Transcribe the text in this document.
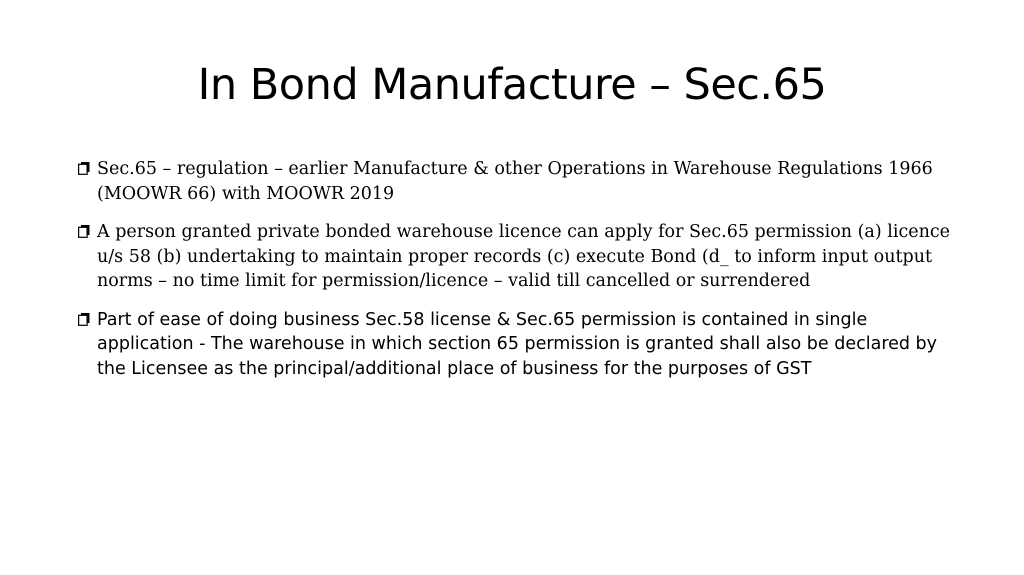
In Bond Manufacture – Sec.65
Sec.65 – regulation – earlier Manufacture & other Operations in Warehouse Regulations 1966 (MOOWR 66) with MOOWR 2019
A person granted private bonded warehouse licence can apply for Sec.65 permission (a) licence u/s 58 (b) undertaking to maintain proper records (c) execute Bond (d_ to inform input output norms – no time limit for permission/licence – valid till cancelled or surrendered
Part of ease of doing business Sec.58 license & Sec.65 permission is contained in single application - The warehouse in which section 65 permission is granted shall also be declared by the Licensee as the principal/additional place of business for the purposes of GST
